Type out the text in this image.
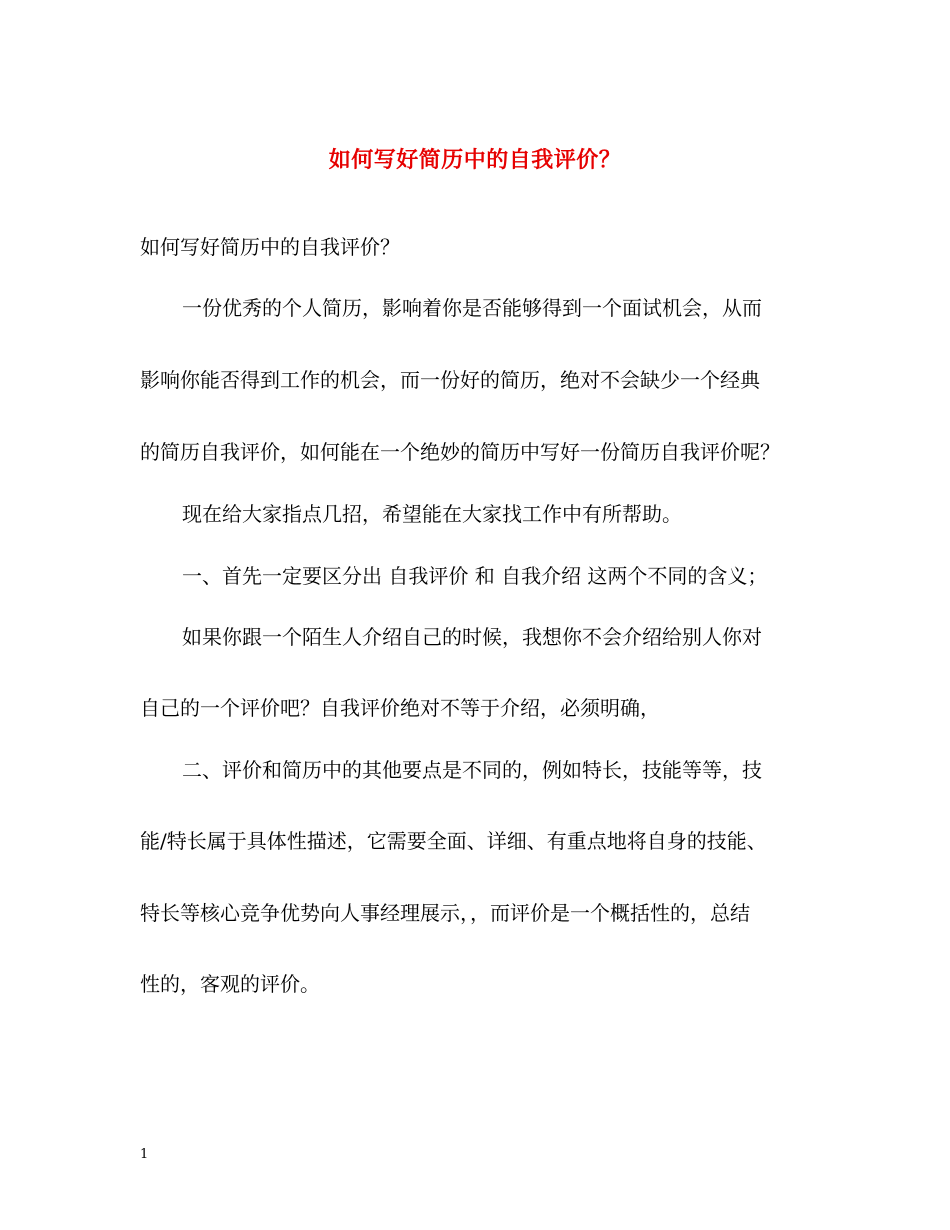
如何写好简历中的自我评价？

如何写好简历中的自我评价？

一份优秀的个人简历，影响着你是否能够得到一个面试机会，从而

影响你能否得到工作的机会，而一份好的简历，绝对不会缺少一个经典

的简历自我评价，如何能在一个绝妙的简历中写好一份简历自我评价呢？

现在给大家指点几招，希望能在大家找工作中有所帮助。

一、首先一定要区分出 自我评价 和 自我介绍 这两个不同的含义；

如果你跟一个陌生人介绍自己的时候，我想你不会介绍给别人你对

自己的一个评价吧？自我评价绝对不等于介绍，必须明确，

二、评价和简历中的其他要点是不同的，例如特长，技能等等，技

能/特长属于具体性描述，它需要全面、详细、有重点地将自身的技能、

特长等核心竞争优势向人事经理展示，，而评价是一个概括性的，总结

性的，客观的评价。

1
